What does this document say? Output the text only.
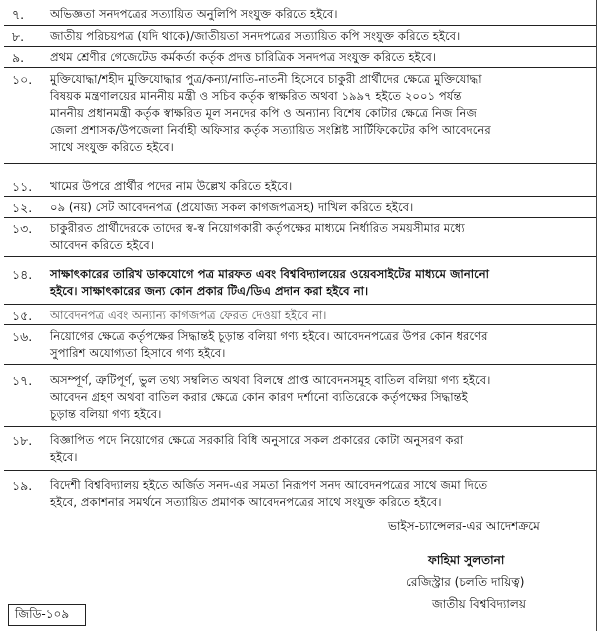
৭.	অভিজ্ঞতা সনদপত্রের সত্যায়িত অনুলিপি সংযুক্ত করিতে হইবে।
৮.	জাতীয় পরিচয়পত্র (যদি থাকে)/জাতীয়তা সনদপত্রের সত্যায়িত কপি সংযুক্ত করিতে হইবে।
৯.	প্রথম শ্রেণীর গেজেটেড কর্মকর্তা কর্তৃক প্রদত্ত চারিত্রিক সনদপত্র সংযুক্ত করিতে হইবে।
১০.	মুক্তিযোদ্ধা/শহীদ মুক্তিযোদ্ধার পুত্র/কন্যা/নাতি-নাতনী হিসেবে চাকুরী প্রার্থীদের ক্ষেত্রে মুক্তিযোদ্ধা
বিষয়ক মন্ত্রণালয়ের মাননীয় মন্ত্রী ও সচিব কর্তৃক স্বাক্ষরিত অথবা ১৯৯৭ হইতে ২০০১ পর্যন্ত
মাননীয় প্রধানমন্ত্রী কর্তৃক স্বাক্ষরিত মূল সনদের কপি ও অন্যান্য বিশেষ কোটার ক্ষেত্রে নিজ নিজ
জেলা প্রশাসক/উপজেলা নির্বাহী অফিসার কর্তৃক সত্যায়িত সংশ্লিষ্ট সার্টিফিকেটের কপি আবেদনের
সাথে সংযুক্ত করিতে হইবে।
১১.	খামের উপরে প্রার্থীর পদের নাম উল্লেখ করিতে হইবে।
১২.	০৯ (নয়) সেট আবেদনপত্র (প্রযোজ্য সকল কাগজপত্রসহ) দাখিল করিতে হইবে।
১৩.	চাকুরীরত প্রার্থীদেরকে তাদের স্ব-স্ব নিয়োগকারী কর্তৃপক্ষের মাধ্যমে নির্ধারিত সময়সীমার মধ্যে
আবেদন করিতে হইবে।
১৪.	সাক্ষাৎকারের তারিখ ডাকযোগে পত্র মারফত এবং বিশ্ববিদ্যালয়ের ওয়েবসাইটের মাধ্যমে জানানো
হইবে। সাক্ষাৎকারের জন্য কোন প্রকার টিএ/ডিএ প্রদান করা হইবে না।
১৫.	আবেদনপত্র এবং অন্যান্য কাগজপত্র ফেরত দেওয়া হইবে না।
১৬.	নিয়োগের ক্ষেত্রে কর্তৃপক্ষের সিদ্ধান্তই চূড়ান্ত বলিয়া গণ্য হইবে। আবেদনপত্রের উপর কোন ধরণের
সুপারিশ অযোগ্যতা হিসাবে গণ্য হইবে।
১৭.	অসম্পূর্ণ, ত্রুটিপূর্ণ, ভুল তথ্য সম্বলিত অথবা বিলম্বে প্রাপ্ত আবেদনসমূহ বাতিল বলিয়া গণ্য হইবে।
আবেদন গ্রহণ অথবা বাতিল করার ক্ষেত্রে কোন কারণ দর্শানো ব্যতিরেকে কর্তৃপক্ষের সিদ্ধান্তই
চূড়ান্ত বলিয়া গণ্য হইবে।
১৮.	বিজ্ঞাপিত পদে নিয়োগের ক্ষেত্রে সরকারি বিধি অনুসারে সকল প্রকারের কোটা অনুসরণ করা
হইবে।
১৯.	বিদেশী বিশ্ববিদ্যালয় হইতে অর্জিত সনদ-এর সমতা নিরূপণ সনদ আবেদনপত্রের সাথে জমা দিতে
হইবে, প্রকাশনার সমর্থনে সত্যায়িত প্রমাণক আবেদনপত্রের সাথে সংযুক্ত করিতে হইবে।
ভাইস-চ্যান্সেলর-এর আদেশক্রমে
ফাহিমা সুলতানা
রেজিস্ট্রার (চলতি দায়িত্ব)
জাতীয় বিশ্ববিদ্যালয়
জিডি-১০৯
